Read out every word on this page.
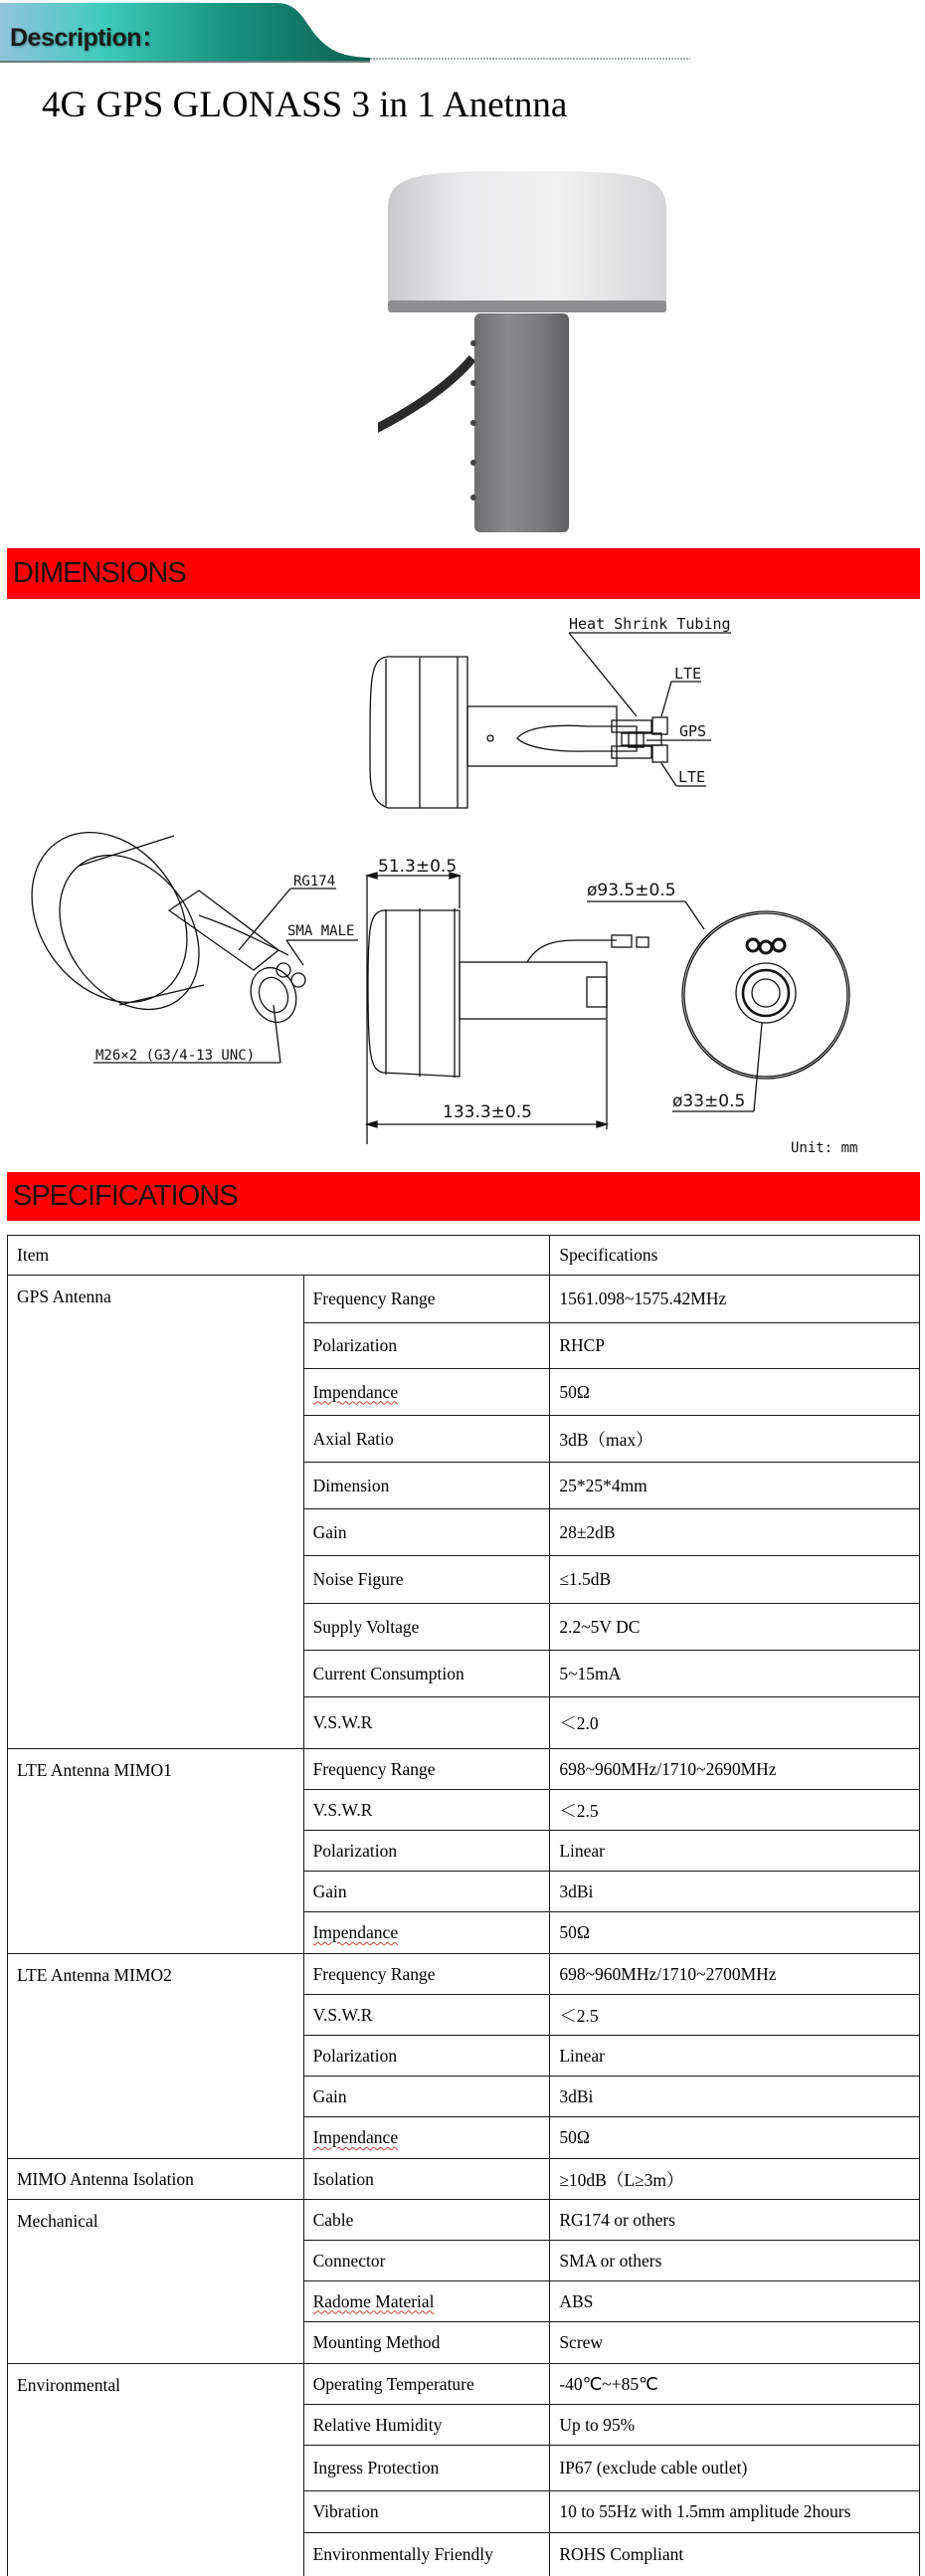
Description：
4G GPS GLONASS 3 in 1 Anetnna
DIMENSIONS
Heat Shrink Tubing
LTE
GPS
LTE
RG174
SMA MALE
M26×2 (G3/4-13 UNC)
51.3±0.5
133.3±0.5
ø93.5±0.5
ø33±0.5
Unit: mm
SPECIFICATIONS
Item		Specifications
GPS Antenna	Frequency Range	1561.098~1575.42MHz
	Polarization	RHCP
	Impendance	50Ω
	Axial Ratio	3dB（max）
	Dimension	25*25*4mm
	Gain	28±2dB
	Noise Figure	≤1.5dB
	Supply Voltage	2.2~5V DC
	Current Consumption	5~15mA
	V.S.W.R	＜2.0
LTE Antenna MIMO1	Frequency Range	698~960MHz/1710~2690MHz
	V.S.W.R	＜2.5
	Polarization	Linear
	Gain	3dBi
	Impendance	50Ω
LTE Antenna MIMO2	Frequency Range	698~960MHz/1710~2700MHz
	V.S.W.R	＜2.5
	Polarization	Linear
	Gain	3dBi
	Impendance	50Ω
MIMO Antenna Isolation	Isolation	≥10dB（L≥3m）
Mechanical	Cable	RG174 or others
	Connector	SMA or others
	Radome Material	ABS
	Mounting Method	Screw
Environmental	Operating Temperature	-40℃~+85℃
	Relative Humidity	Up to 95%
	Ingress Protection	IP67 (exclude cable outlet)
	Vibration	10 to 55Hz with 1.5mm amplitude 2hours
	Environmentally Friendly	ROHS Compliant
